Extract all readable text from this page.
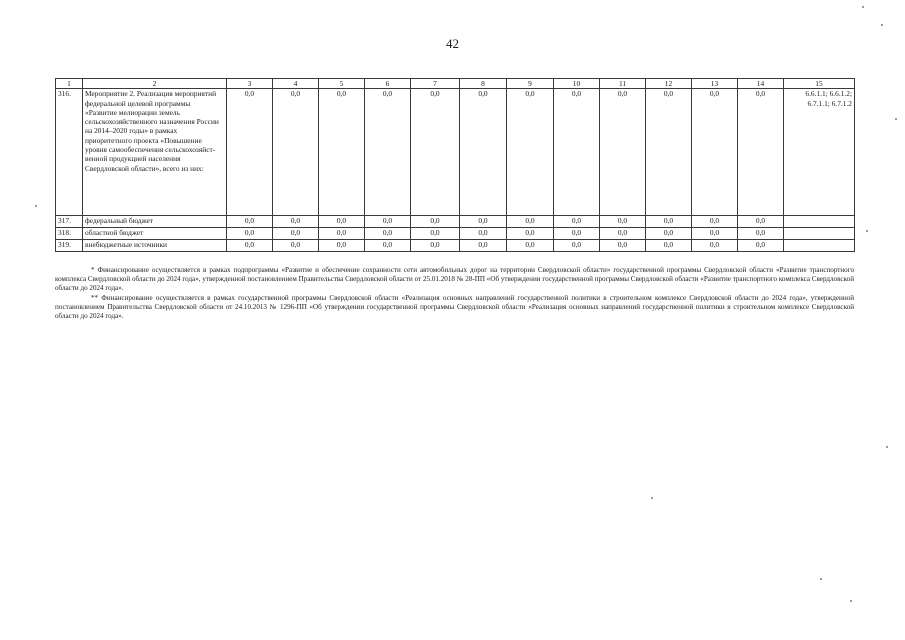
42
1	2	3	4	5	6	7	8	9	10	11	12	13	14	15
316.	Мероприятие 2. Реализация мероприятий федеральной целевой программы «Развитие мелиорации земель сельскохозяйственного назначения России на 2014–2020 годы» в рамках приоритетного проекта «Повышение уровня самообеспечения сельскохозяйст-венной продукцией населения Свердловской области», всего из них:	0,0	0,0	0,0	0,0	0,0	0,0	0,0	0,0	0,0	0,0	0,0	0,0	6.6.1.1; 6.6.1.2; 6.7.1.1; 6.7.1.2
317.	федеральный бюджет	0,0	0,0	0,0	0,0	0,0	0,0	0,0	0,0	0,0	0,0	0,0	0,0	
318.	областной бюджет	0,0	0,0	0,0	0,0	0,0	0,0	0,0	0,0	0,0	0,0	0,0	0,0	
319.	внебюджетные источники	0,0	0,0	0,0	0,0	0,0	0,0	0,0	0,0	0,0	0,0	0,0	0,0	

* Финансирование осуществляется в рамках подпрограммы «Развитие и обеспечение сохранности сети автомобильных дорог на территории Свердловской области» государственной программы Свердловской области «Развитие транспортного комплекса Свердловской области до 2024 года», утвержденной постановлением Правительства Свердловской области от 25.01.2018 № 28-ПП «Об утверждении государственной программы Свердловской области «Развитие транспортного комплекса Свердловской области до 2024 года».

** Финансирование осуществляется в рамках государственной программы Свердловской области «Реализация основных направлений государственной политики в строительном комплексе Свердловской области до 2024 года», утвержденной постановлением Правительства Свердловской области от 24.10.2013 № 1296-ПП «Об утверждении государственной программы Свердловской области «Реализация основных направлений государственной политики в строительном комплексе Свердловской области до 2024 года».
